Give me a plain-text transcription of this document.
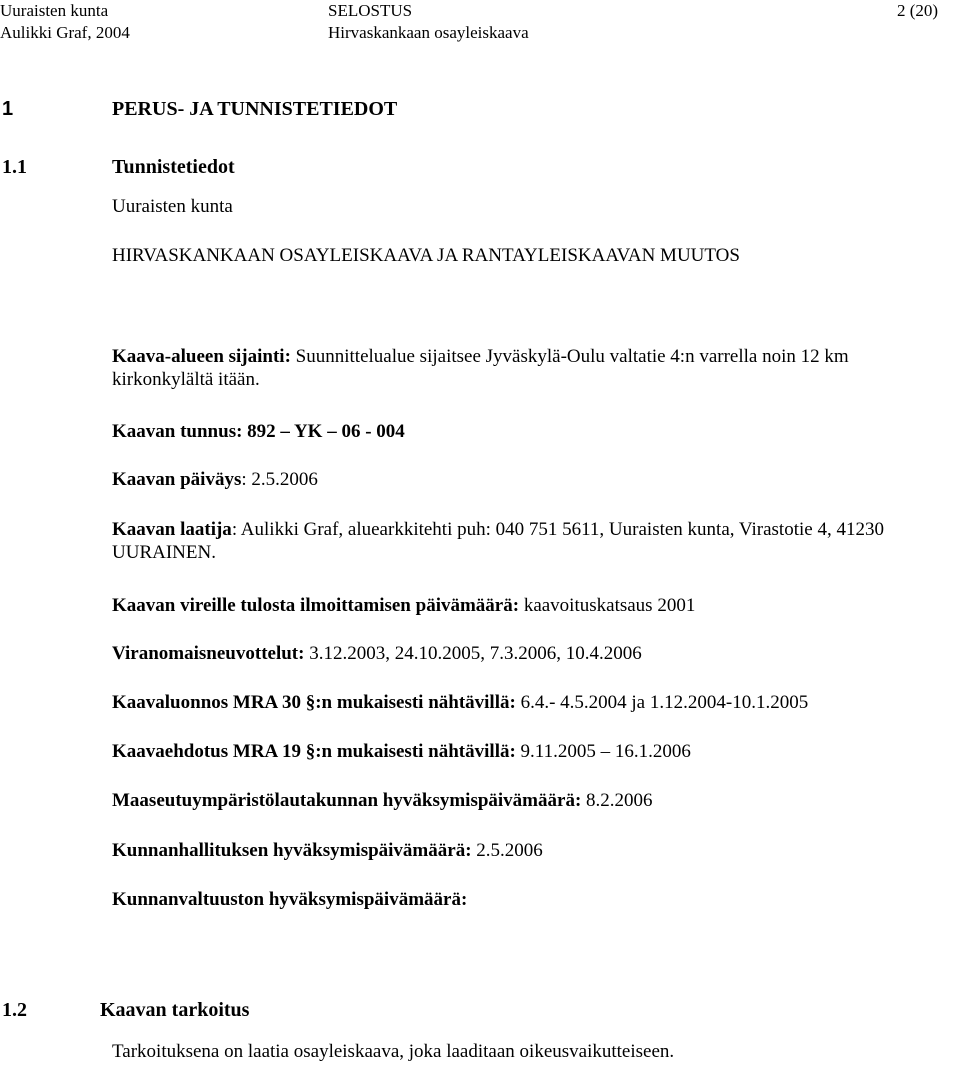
Uuraisten kunta
Aulikki Graf, 2004
SELOSTUS
Hirvaskankaan osayleiskaava
2 (20)
1	PERUS- JA TUNNISTETIEDOT
1.1	Tunnistetiedot
Uuraisten kunta
HIRVASKANKAAN OSAYLEISKAAVA JA RANTAYLEISKAAVAN MUUTOS
Kaava-alueen sijainti: Suunnittelualue sijaitsee Jyväskylä-Oulu valtatie 4:n varrella noin 12 km kirkonkylältä itään.
Kaavan tunnus: 892 – YK – 06 - 004
Kaavan päiväys: 2.5.2006
Kaavan laatija: Aulikki Graf, aluearkkitehti puh: 040 751 5611, Uuraisten kunta, Virastotie 4, 41230 UURAINEN.
Kaavan vireille tulosta ilmoittamisen päivämäärä: kaavoituskatsaus 2001
Viranomaisneuvottelut: 3.12.2003, 24.10.2005, 7.3.2006, 10.4.2006
Kaavaluonnos MRA 30 §:n mukaisesti nähtävillä: 6.4.- 4.5.2004 ja 1.12.2004-10.1.2005
Kaavaehdotus MRA 19 §:n mukaisesti nähtävillä: 9.11.2005 – 16.1.2006
Maaseutuympäristölautakunnan hyväksymispäivämäärä: 8.2.2006
Kunnanhallituksen hyväksymispäivämäärä: 2.5.2006
Kunnanvaltuuston hyväksymispäivämäärä:
1.2	Kaavan tarkoitus
Tarkoituksena on laatia osayleiskaava, joka laaditaan oikeusvaikutteiseen.
